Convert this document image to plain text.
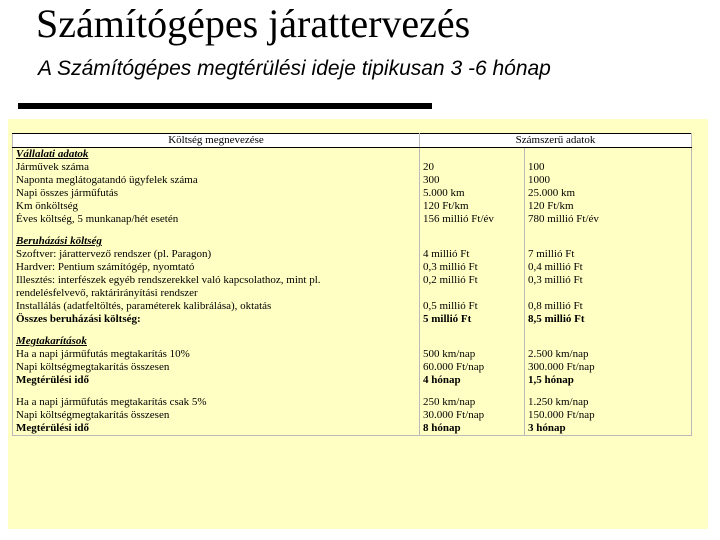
Számítógépes járattervezés
A Számítógépes megtérülési ideje tipikusan 3 -6 hónap
Költség megnevezése	Számszerű adatok	
Vállalati adatok		
Járművek száma	20	100
Naponta meglátogatandó ügyfelek száma	300	1000
Napi összes járműfutás	5.000 km	25.000 km
Km önköltség	120 Ft/km	120 Ft/km
Éves költség, 5 munkanap/hét esetén	156 millió Ft/év	780 millió Ft/év

Beruházási költség		
Szoftver: járattervező rendszer (pl. Paragon)	4 millió Ft	7 millió Ft
Hardver: Pentium számítógép, nyomtató	0,3 millió Ft	0,4 millió Ft
Illesztés: interfészek egyéb rendszerekkel való kapcsolathoz, mint pl.	0,2 millió Ft	0,3 millió Ft
rendelésfelvevő, raktárirányítási rendszer		
Installálás (adatfeltöltés, paraméterek kalibrálása), oktatás	0,5 millió Ft	0,8 millió Ft
Összes beruházási költség:	5 millió Ft	8,5 millió Ft

Megtakarítások		
Ha a napi járműfutás megtakarítás 10%	500 km/nap	2.500 km/nap
Napi költségmegtakarítás összesen	60.000 Ft/nap	300.000 Ft/nap
Megtérülési idő	4 hónap	1,5 hónap

Ha a napi járműfutás megtakarítás csak 5%	250 km/nap	1.250 km/nap
Napi költségmegtakarítás összesen	30.000 Ft/nap	150.000 Ft/nap
Megtérülési idő	8 hónap	3 hónap
